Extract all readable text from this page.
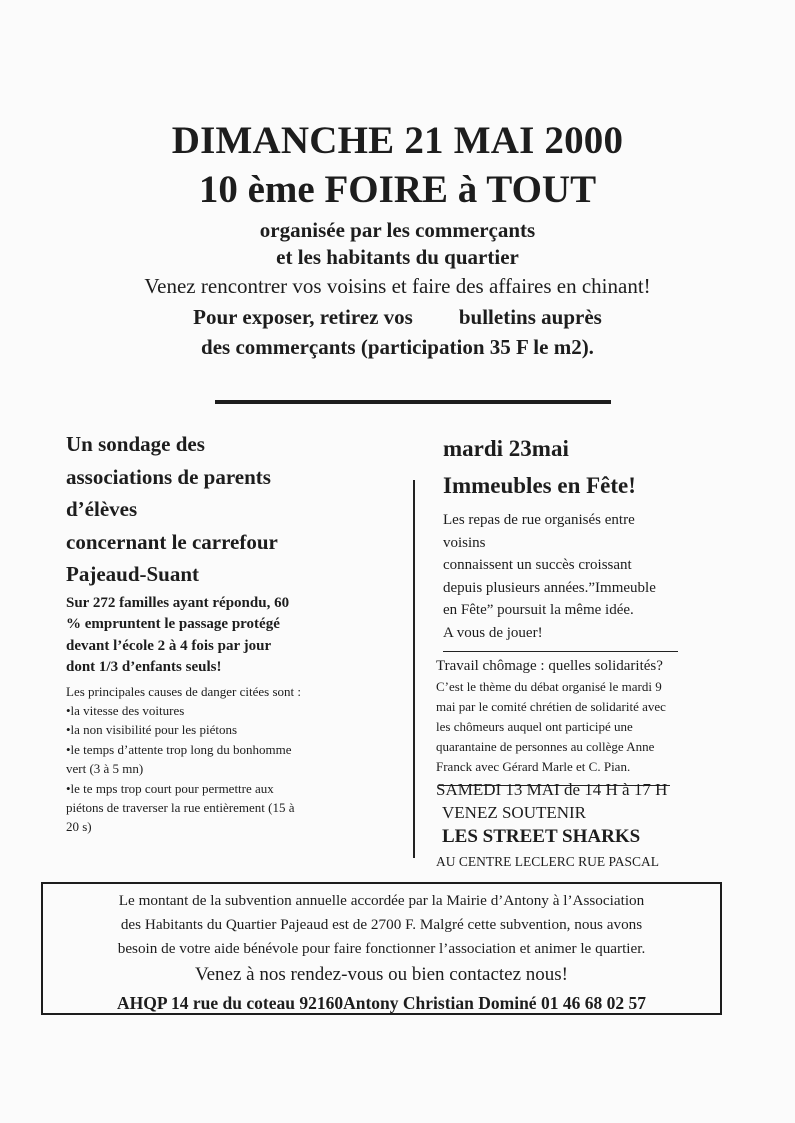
DIMANCHE 21 MAI 2000
10 ème FOIRE à TOUT
organisée par les commerçants
et les habitants du quartier
Venez rencontrer vos voisins et faire des affaires en chinant!
Pour exposer, retirez vos bulletins auprès
des commerçants (participation 35 F le m2).
Un sondage des
associations de parents
d’élèves
concernant le carrefour
Pajeaud-Suant
Sur 272 familles ayant répondu, 60
% empruntent le passage protégé
devant l’école 2 à 4 fois par jour
dont 1/3 d’enfants seuls!
Les principales causes de danger citées sont :
•la vitesse des voitures
•la non visibilité pour les piétons
•le temps d’attente trop long du bonhomme
vert (3 à 5 mn)
•le te mps trop court pour permettre aux
piétons de traverser la rue entièrement (15 à
20 s)
mardi 23mai
Immeubles en Fête!
Les repas de rue organisés entre
voisins
connaissent un succès croissant
depuis plusieurs années.”Immeuble
en Fête” poursuit la même idée.
A vous de jouer!
Travail chômage : quelles solidarités?
C’est le thème du débat organisé le mardi 9
mai par le comité chrétien de solidarité avec
les chômeurs auquel ont participé une
quarantaine de personnes au collège Anne
Franck avec Gérard Marle et C. Pian.
SAMEDI 13 MAI de 14 H à 17 H
VENEZ SOUTENIR
LES STREET SHARKS
AU CENTRE LECLERC RUE PASCAL
Le montant de la subvention annuelle accordée par la Mairie d’Antony à l’Association
des Habitants du Quartier Pajeaud est de 2700 F. Malgré cette subvention, nous avons
besoin de votre aide bénévole pour faire fonctionner l’association et animer le quartier.
Venez à nos rendez-vous ou bien contactez nous!
AHQP 14 rue du coteau 92160Antony Christian Dominé 01 46 68 02 57
